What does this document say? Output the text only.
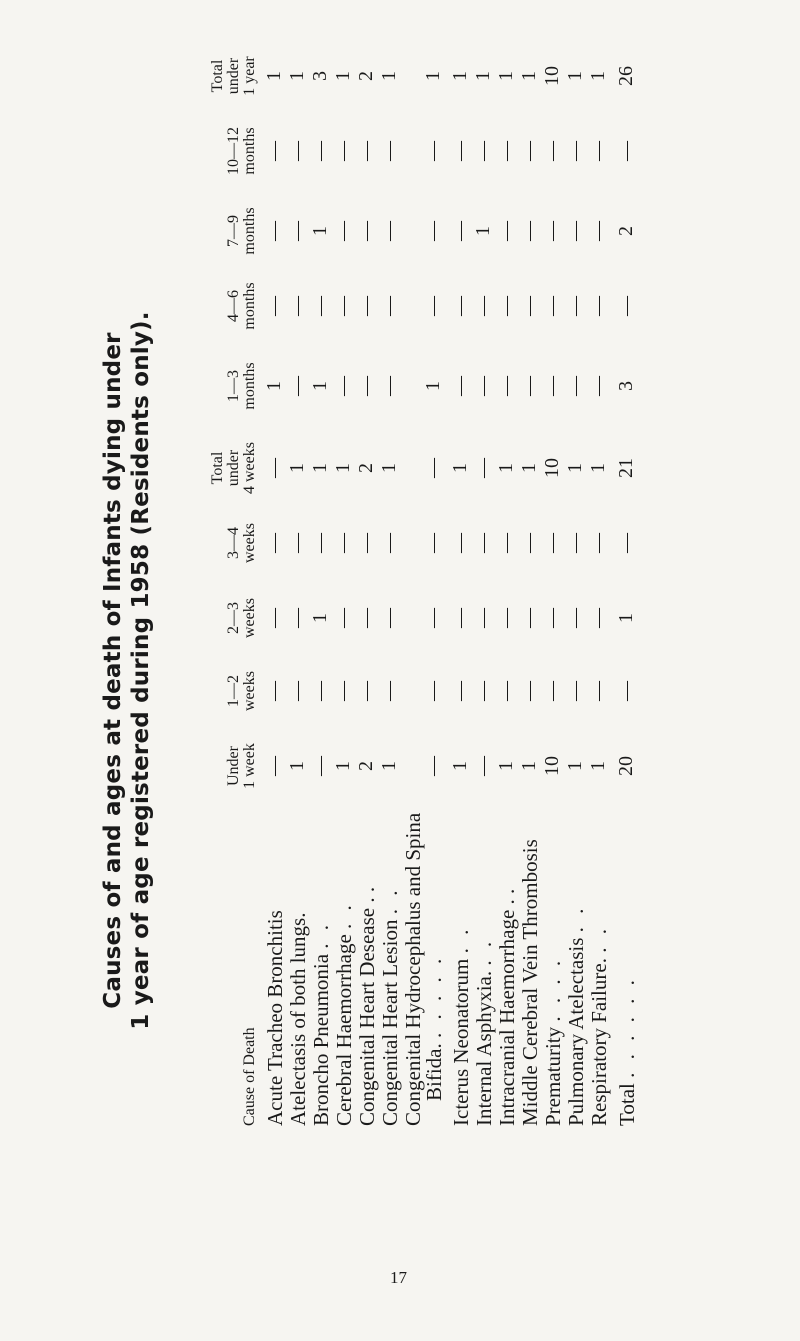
Causes of and ages at death of Infants dying under 1 year of age registered during 1958 (Residents only).
Cause of Death
Under 1 week
1—2 weeks
2—3 weeks
3—4 weeks
Total under 4 weeks
1—3 months
4—6 months
7—9 months
10—12 months
Total under 1 year
Acute Tracheo Bronchitis
—
—
—
—
—
1
—
—
—
1
Atelectasis of both lungs.
1
—
—
—
1
—
—
—
—
1
Broncho Pneumonia . .
—
—
1
—
1
1
—
1
—
3
Cerebral Haemorrhage . .
1
—
—
—
1
—
—
—
—
1
Congenital Heart Desease . .
2
—
—
—
2
—
—
—
—
2
Congenital Heart Lesion . .
1
—
—
—
1
—
—
—
—
1
Congenital Hydrocephalus and Spina
Bifida. . . . . .
—
—
—
—
—
1
—
—
—
1
Icterus Neonatorum . .
1
—
—
—
1
—
—
—
—
1
Internal Asphyxia. . .
—
—
—
—
—
—
—
1
—
1
Intracranial Haemorrhage . .
1
—
—
—
1
—
—
—
—
1
Middle Cerebral Vein Thrombosis
1
—
—
—
1
—
—
—
—
1
Prematurity . . . .
10
—
—
—
10
—
—
—
—
10
Pulmonary Atelectasis . .
1
—
—
—
1
—
—
—
—
1
Respiratory Failure. . .
1
—
—
—
1
—
—
—
—
1
Total . . . . . .
20
—
1
—
21
3
—
2
—
26
17
